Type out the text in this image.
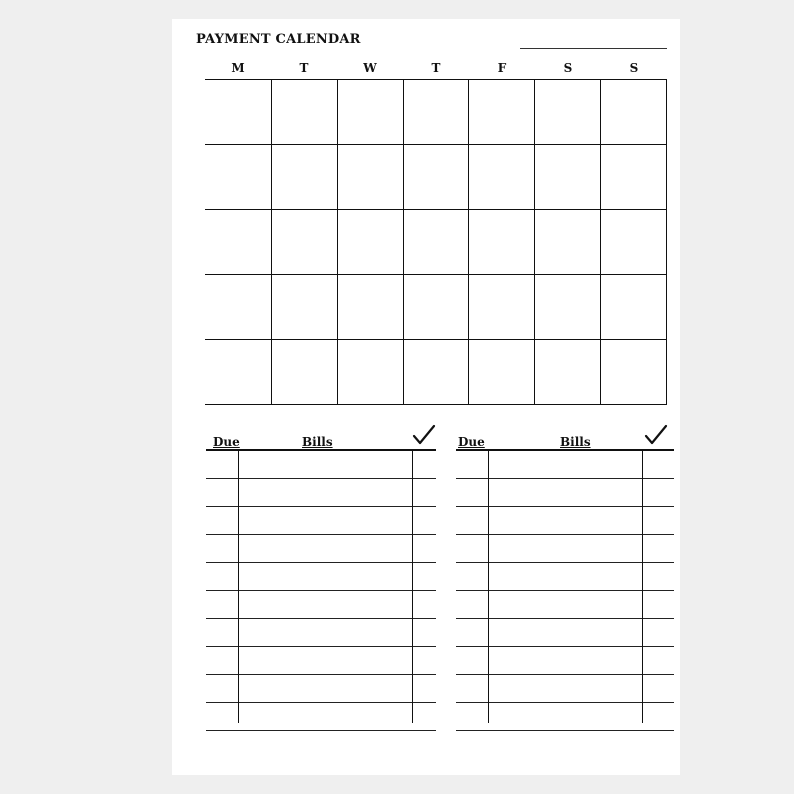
PAYMENT CALENDAR
M	T	W	T	F	S	S
Due	Bills	Due	Bills
